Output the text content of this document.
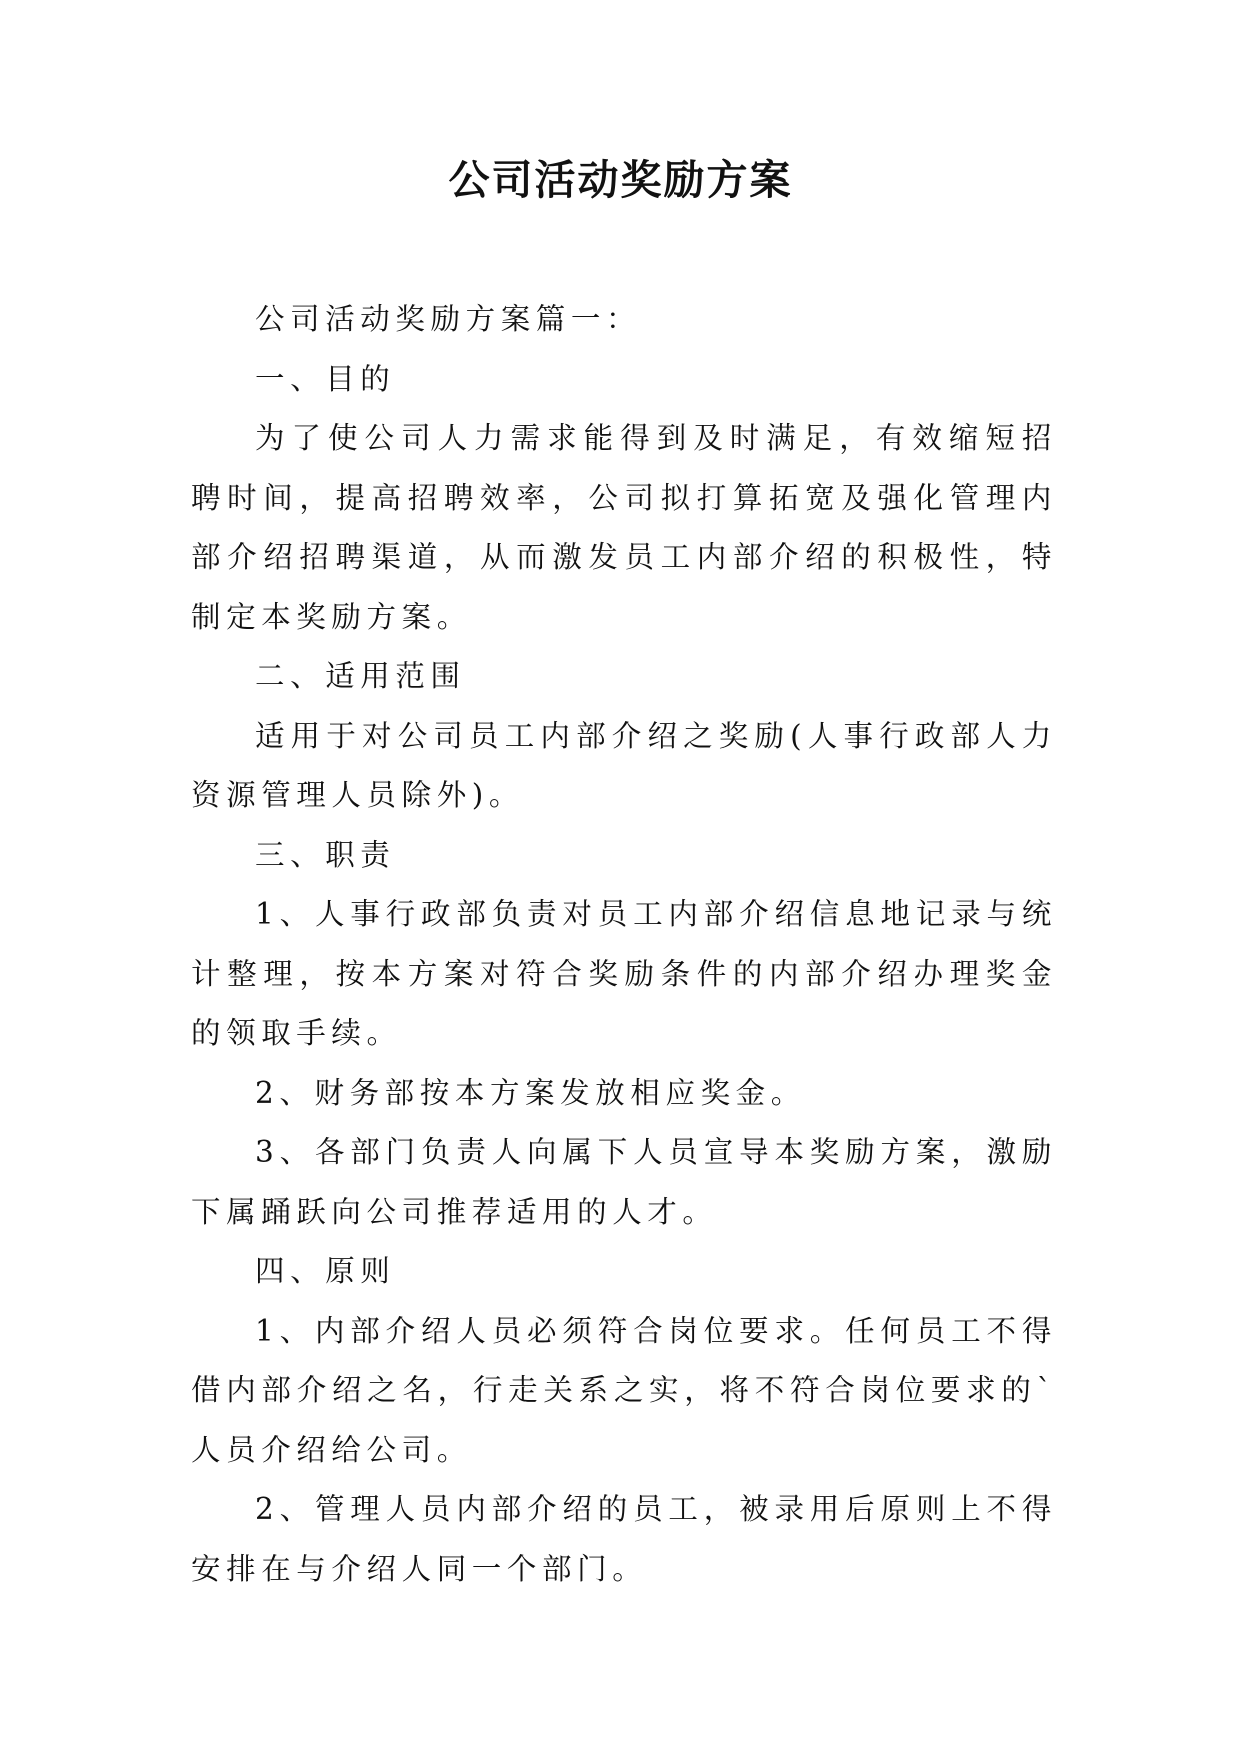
公司活动奖励方案

公司活动奖励方案篇一：

一、目的

为了使公司人力需求能得到及时满足，有效缩短招聘时间，提高招聘效率，公司拟打算拓宽及强化管理内部介绍招聘渠道，从而激发员工内部介绍的积极性，特制定本奖励方案。

二、适用范围

适用于对公司员工内部介绍之奖励(人事行政部人力资源管理人员除外)。

三、职责

1、人事行政部负责对员工内部介绍信息地记录与统计整理，按本方案对符合奖励条件的内部介绍办理奖金的领取手续。

2、财务部按本方案发放相应奖金。

3、各部门负责人向属下人员宣导本奖励方案，激励下属踊跃向公司推荐适用的人才。

四、原则

1、内部介绍人员必须符合岗位要求。任何员工不得借内部介绍之名，行走关系之实，将不符合岗位要求的`人员介绍给公司。

2、管理人员内部介绍的员工，被录用后原则上不得安排在与介绍人同一个部门。
